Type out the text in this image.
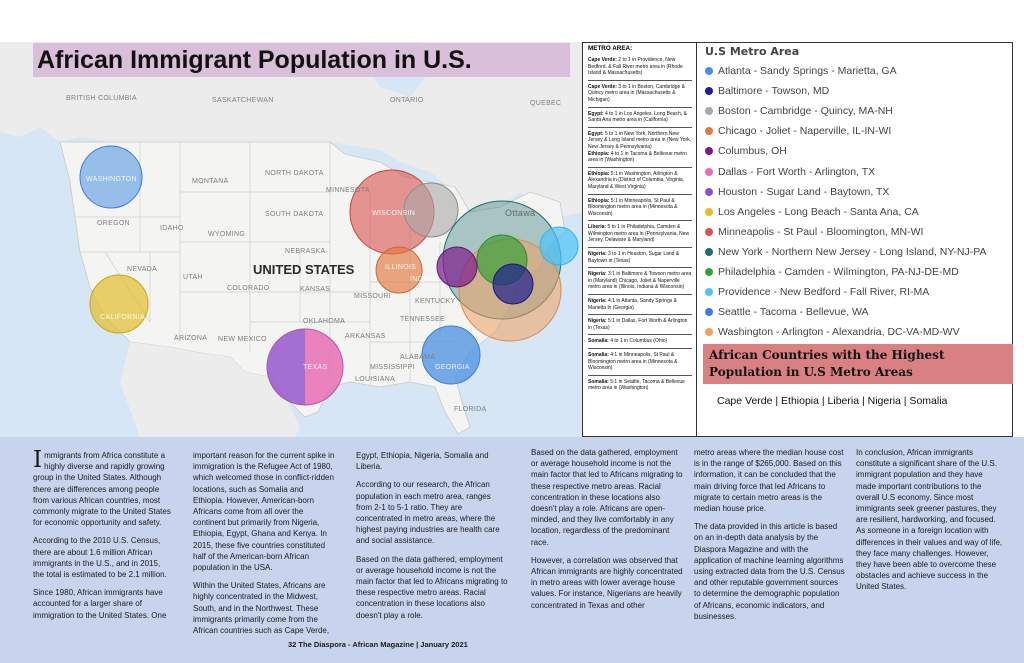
BRITISH COLUMBIA	SASKATCHEWAN	ONTARIO	QUEBEC
WASHINGTON	MONTANA
NORTH DAKOTA
MINNESOTA
OREGON
IDAHO
SOUTH DAKOTA
WYOMING
WISCONSIN	Ottawa
NEBRASKA
NEVADA
UTAH
COLORADO	KANSAS
ILLINOIS
INDIANA
CALIFORNIA
MISSOURI
KENTUCKY
OKLAHOMA	TENNESSEE
ARIZONA NEW MEXICO	ARKANSAS
TEXAS	MISSISSIPPI
ALABAMA
GEORGIA
LOUISIANA
FLORIDA
UNITED STATES
African Immigrant Population in U.S.	METRO AREA:
Cape Verde: 2 to 1 in Providence, New Bedford, & Fall River metro area in (Rhode Island & Massachusetts)
Cape Verde: 3 to 1 in Boston, Cambridge & Quincy metro area in (Massachusetts & Michigan)
Egypt: 4 to 1 in Los Angeles, Long Beach, & Santa Ana metro area in (California)
Egypt: 5 to 1 in New York, Northern New Jersey & Long Island metro area in (New York, New Jersey & Pennsylvania)
Ethiopia: 4 to 1 in Tacoma & Bellevue metro area in (Washington)
Ethiopia: 5:1 in Washington, Arlington & Alexandria in (District of Columbia, Virginia, Maryland & West Virginia)
Ethiopia: 5:1 in Minneapolis, St Paul & Bloomington metro area in (Minnesota & Wisconsin)
Liberia: 5 to 1 in Philadelphia, Camden & Wilmington metro area in (Pennsylvania, New Jersey, Delaware & Maryland)
Nigeria: 3 to 1 in Houston, Sugar Land & Baytown in (Texas)
Nigeria: 3:1 in Baltimore & Towson metro area in (Maryland) Chicago, Joliet & Naperville metro area in (Illinois, Indiana & Wisconsin)
Nigeria: 4:1 in Atlanta, Sandy Springs & Marietta in (Georgia)
Nigeria: 5:1 in Dallas, Fort Worth & Arlington in (Texas)
Somalia: 4 to 1 in Columbus (Ohio)
Somalia: 4:1 in Minneapolis, St Paul & Bloomington metro area in (Minnesota & Wisconsin)
Somalia: 5:1 in Seattle, Tacoma & Bellevue metro area in (Washington)
U.S Metro Area
Atlanta - Sandy Springs - Marietta, GA
Baltimore - Towson, MD
Boston - Cambridge - Quincy, MA-NH
Chicago - Joliet - Naperville, IL-IN-WI
Columbus, OH
Dallas - Fort Worth - Arlington, TX
Houston - Sugar Land - Baytown, TX
Los Angeles - Long Beach - Santa Ana, CA
Minneapolis - St Paul - Bloomington, MN-WI
New York - Northern New Jersey - Long Island, NY-NJ-PA
Philadelphia - Camden - Wilmington, PA-NJ-DE-MD
Providence - New Bedford - Fall River, RI-MA
Seattle - Tacoma - Bellevue, WA
Washington - Arlington - Alexandria, DC-VA-MD-WV
African Countries with the Highest Population in U.S Metro Areas
Cape Verde | Ethiopia | Liberia | Nigeria | Somalia

Immigrants from Africa constitute a highly diverse and rapidly growing group in the United States. Although there are differences among people from various African countries, most commonly migrate to the United States for economic opportunity and safety.

According to the 2010 U.S. Census, there are about 1.6 million African immigrants in the U.S., and in 2015, the total is estimated to be 2.1 million.

Since 1980, African immigrants have accounted for a larger share of immigration to the United States. One

important reason for the current spike in immigration is the Refugee Act of 1980, which welcomed those in conflict-ridden locations, such as Somalia and Ethiopia. However, American-born Africans come from all over the continent but primarily from Nigeria, Ethiopia, Egypt, Ghana and Kenya. In 2015, these five countries constituted half of the American-born African population in the USA.

Within the United States, Africans are highly concentrated in the Midwest, South, and in the Northwest. These immigrants primarily come from the African countries such as Cape Verde,

Egypt, Ethiopia, Nigeria, Somalia and Liberia.

According to our research, the African population in each metro area, ranges from 2-1 to 5-1 ratio. They are concentrated in metro areas, where the highest paying industries are health care and social assistance.

Based on the data gathered, employment or average household income is not the main factor that led to Africans migrating to these respective metro areas. Racial concentration in these locations also doesn't play a role.

Based on the data gathered, employment or average household income is not the main factor that led to Africans migrating to these respective metro areas. Racial concentration in these locations also doesn't play a role. Africans are open-minded, and they live comfortably in any location, regardless of the predominant race.

However, a correlation was observed that African immigrants are highly concentrated in metro areas with lower average house values. For instance, Nigerians are heavily concentrated in Texas and other

metro areas where the median house cost is in the range of $265,000. Based on this information, it can be concluded that the main driving force that led Africans to migrate to certain metro areas is the median house price.

The data provided in this article is based on an in-depth data analysis by the Diaspora Magazine and with the application of machine learning algorithms using extracted data from the U.S. Census and other reputable government sources to determine the demographic population of Africans, economic indicators, and businesses.

In conclusion, African immigrants constitute a significant share of the U.S. immigrant population and they have made important contributions to the overall U.S economy. Since most immigrants seek greener pastures, they are resilient, hardworking, and focused. As someone in a foreign location with differences in their values and way of life, they face many challenges. However, they have been able to overcome these obstacles and achieve success in the United States.

32 The Diaspora - African Magazine | January 2021
